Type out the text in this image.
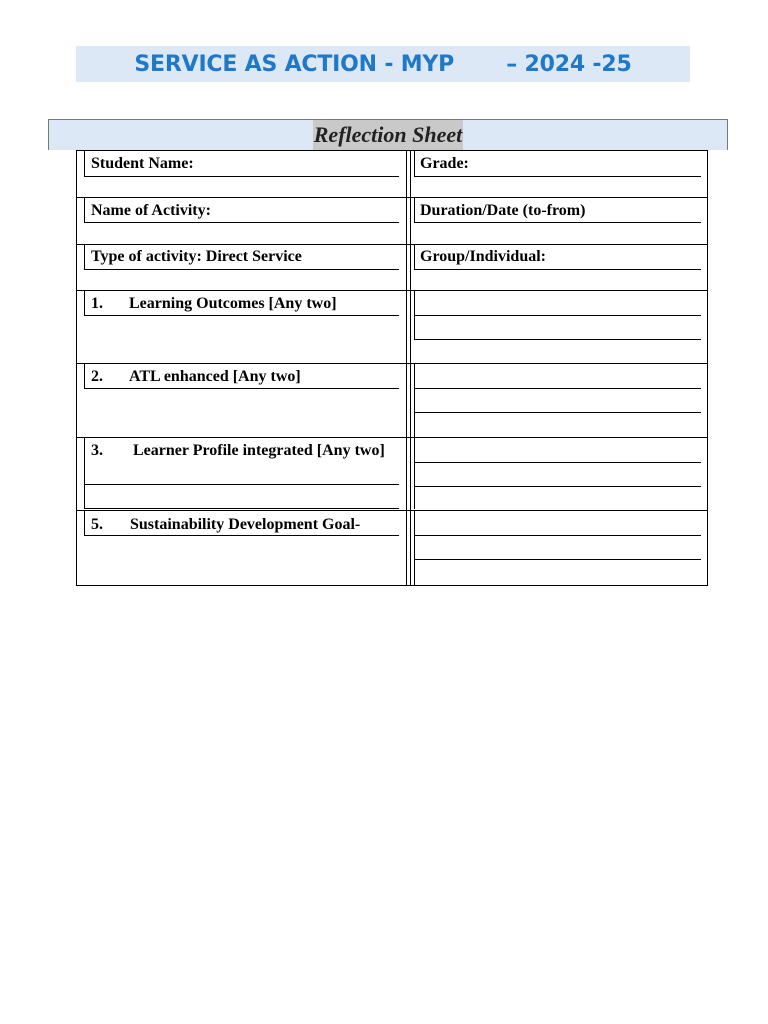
SERVICE AS ACTION - MYP       – 2024 -25
Reflection Sheet
Student Name:	Grade:
Name of Activity:	Duration/Date (to-from)
Type of activity: Direct Service	Group/Individual:
1. Learning Outcomes [Any two]
2. ATL enhanced [Any two]
3. Learner Profile integrated [Any two]
5. Sustainability Development Goal-
